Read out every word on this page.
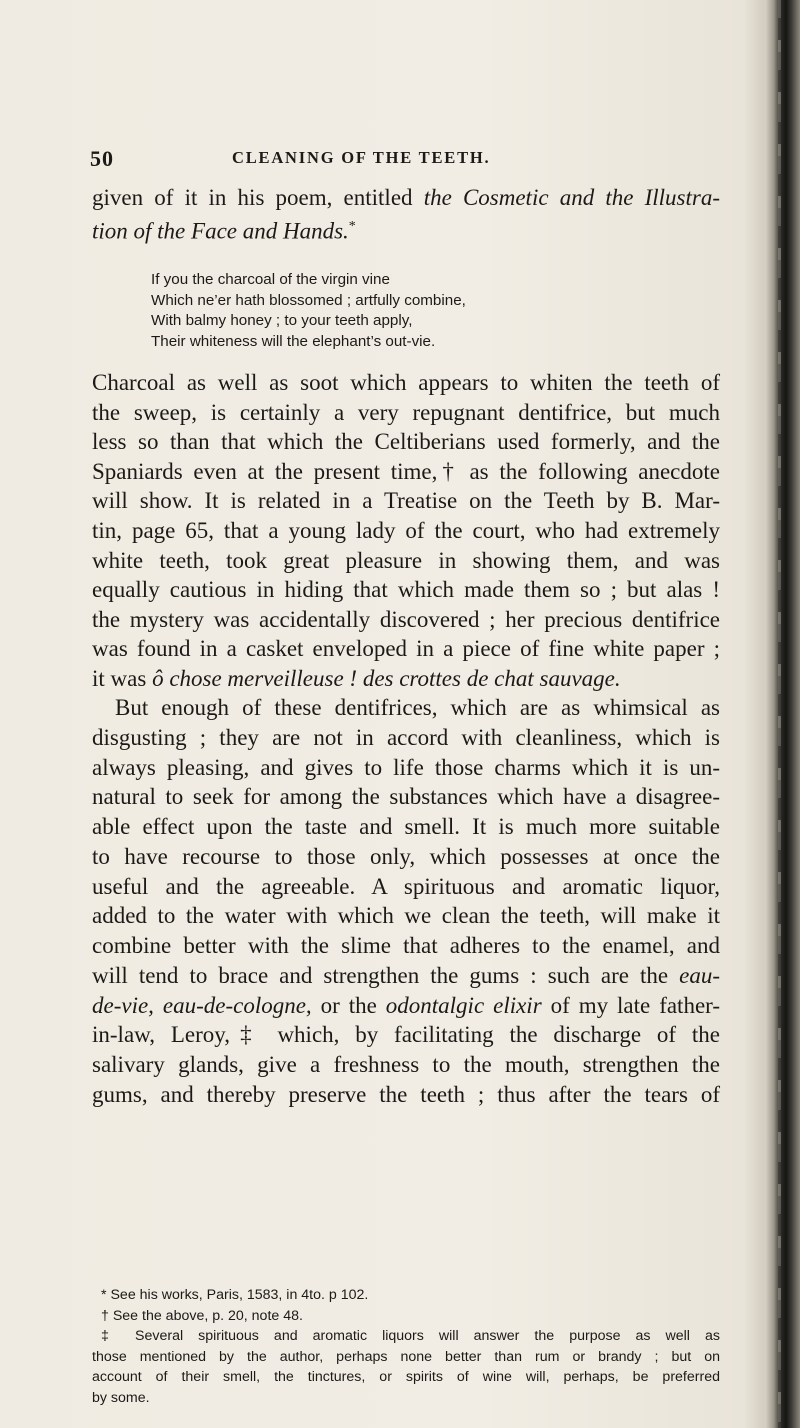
50	CLEANING OF THE TEETH.
given of it in his poem, entitled the Cosmetic and the Illustra-
tion of the Face and Hands.*
If you the charcoal of the virgin vine
Which ne’er hath blossomed ; artfully combine,
With balmy honey ; to your teeth apply,
Their whiteness will the elephant’s out-vie.
Charcoal as well as soot which appears to whiten the teeth of
the sweep, is certainly a very repugnant dentifrice, but much
less so than that which the Celtiberians used formerly, and the
Spaniards even at the present time,† as the following anecdote
will show. It is related in a Treatise on the Teeth by B. Mar-
tin, page 65, that a young lady of the court, who had extremely
white teeth, took great pleasure in showing them, and was
equally cautious in hiding that which made them so ; but alas !
the mystery was accidentally discovered ; her precious dentifrice
was found in a casket enveloped in a piece of fine white paper ;
it was ô chose merveilleuse ! des crottes de chat sauvage.
But enough of these dentifrices, which are as whimsical as
disgusting ; they are not in accord with cleanliness, which is
always pleasing, and gives to life those charms which it is un-
natural to seek for among the substances which have a disagree-
able effect upon the taste and smell. It is much more suitable
to have recourse to those only, which possesses at once the
useful and the agreeable. A spirituous and aromatic liquor,
added to the water with which we clean the teeth, will make it
combine better with the slime that adheres to the enamel, and
will tend to brace and strengthen the gums : such are the eau-
de-vie, eau-de-cologne, or the odontalgic elixir of my late father-
in-law, Leroy,‡ which, by facilitating the discharge of the
salivary glands, give a freshness to the mouth, strengthen the
gums, and thereby preserve the teeth ; thus after the tears of
* See his works, Paris, 1583, in 4to. p 102.
† See the above, p. 20, note 48.
‡ Several spirituous and aromatic liquors will answer the purpose as well as
those mentioned by the author, perhaps none better than rum or brandy ; but on
account of their smell, the tinctures, or spirits of wine will, perhaps, be preferred
by some.
